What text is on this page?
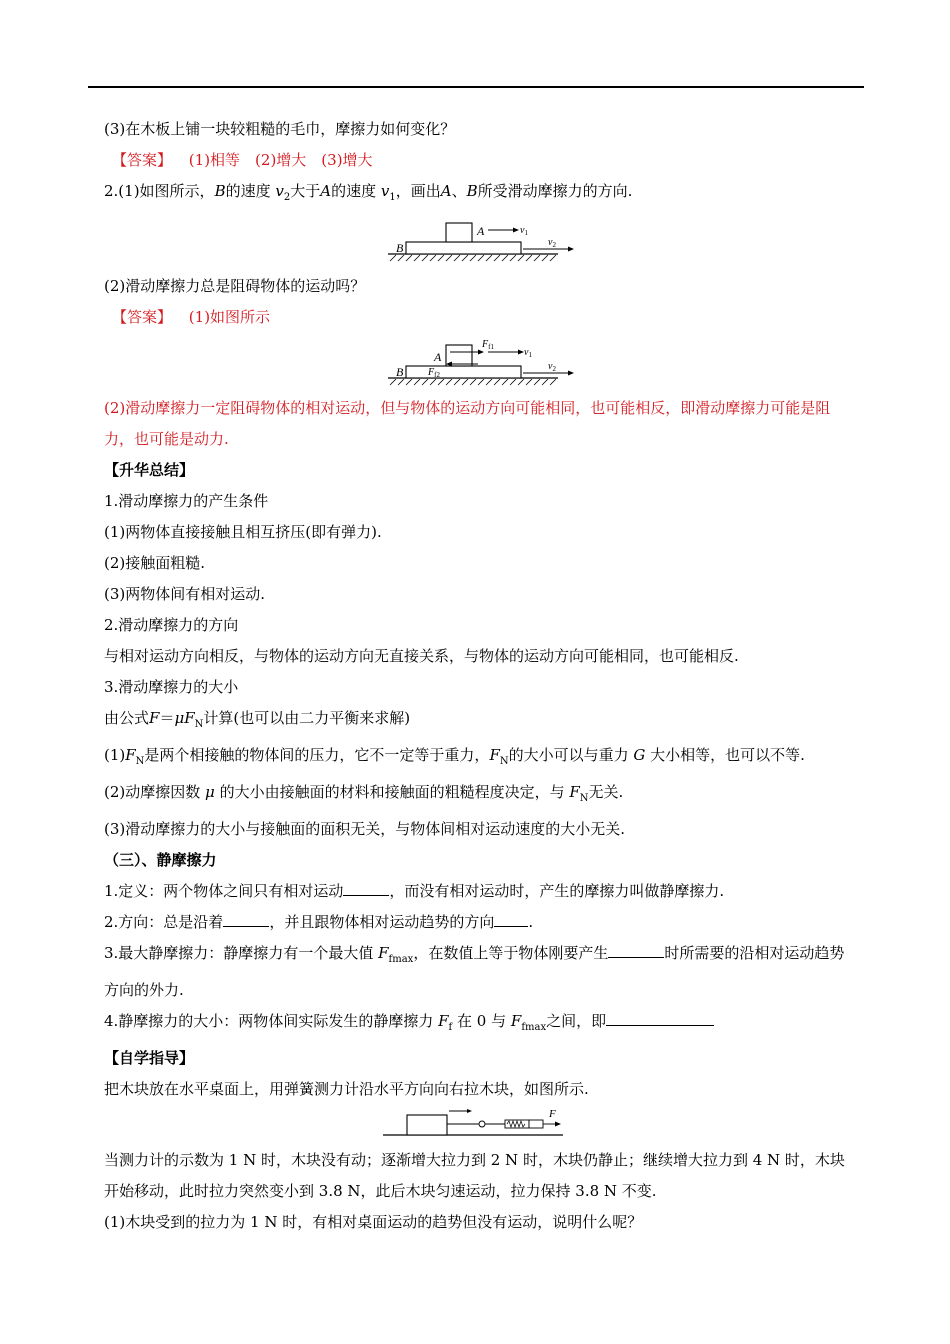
(3)在木板上铺一块较粗糙的毛巾，摩擦力如何变化？
【答案】 (1)相等　(2)增大　(3)增大
2.(1)如图所示，B的速度 $v_2$大于A的速度 $v_1$，画出A、B所受滑动摩擦力的方向.
B
A	$v_1$
$v_2$
(2)滑动摩擦力总是阻碍物体的运动吗？
【答案】 (1)如图所示
B
A
$F_{f1}$	$v_1$
$F_{f2}$
$v_2$
(2)滑动摩擦力一定阻碍物体的相对运动，但与物体的运动方向可能相同，也可能相反，即滑动摩擦力可能是阻力，也可能是动力.
【升华总结】
1.滑动摩擦力的产生条件
(1)两物体直接接触且相互挤压(即有弹力).
(2)接触面粗糙.
(3)两物体间有相对运动.
2.滑动摩擦力的方向
与相对运动方向相反，与物体的运动方向无直接关系，与物体的运动方向可能相同，也可能相反.
3.滑动摩擦力的大小
由公式$F=\mu F_N$计算(也可以由二力平衡来求解)
$(1)F_N$是两个相接触的物体间的压力，它不一定等于重力，$F_N$的大小可以与重力 G 大小相等，也可以不等.
(2)动摩擦因数 μ 的大小由接触面的材料和接触面的粗糙程度决定，与 $F_N$无关.
(3)滑动摩擦力的大小与接触面的面积无关，与物体间相对运动速度的大小无关.
（三）、静摩擦力
1.定义：两个物体之间只有相对运动	，而没有相对运动时，产生的摩擦力叫做静摩擦力.
2.方向：总是沿着	，并且跟物体相对运动趋势的方向 .
3.最大静摩擦力：静摩擦力有一个最大值 $F_{fmax}$，在数值上等于物体刚要产生	时所需要的沿相对运动趋势方向的外力.
4.静摩擦力的大小：两物体间实际发生的静摩擦力 $F_f$ 在 0 与 $F_{fmax}$之间，即
【自学指导】
把木块放在水平桌面上，用弹簧测力计沿水平方向向右拉木块，如图所示.
F
当测力计的示数为 1 N 时，木块没有动；逐渐增大拉力到 2 N 时，木块仍静止；继续增大拉力到 4 N 时，木块开始移动，此时拉力突然变小到 3.8 N，此后木块匀速运动，拉力保持 3.8 N 不变.
(1)木块受到的拉力为 1 N 时，有相对桌面运动的趋势但没有运动，说明什么呢？
